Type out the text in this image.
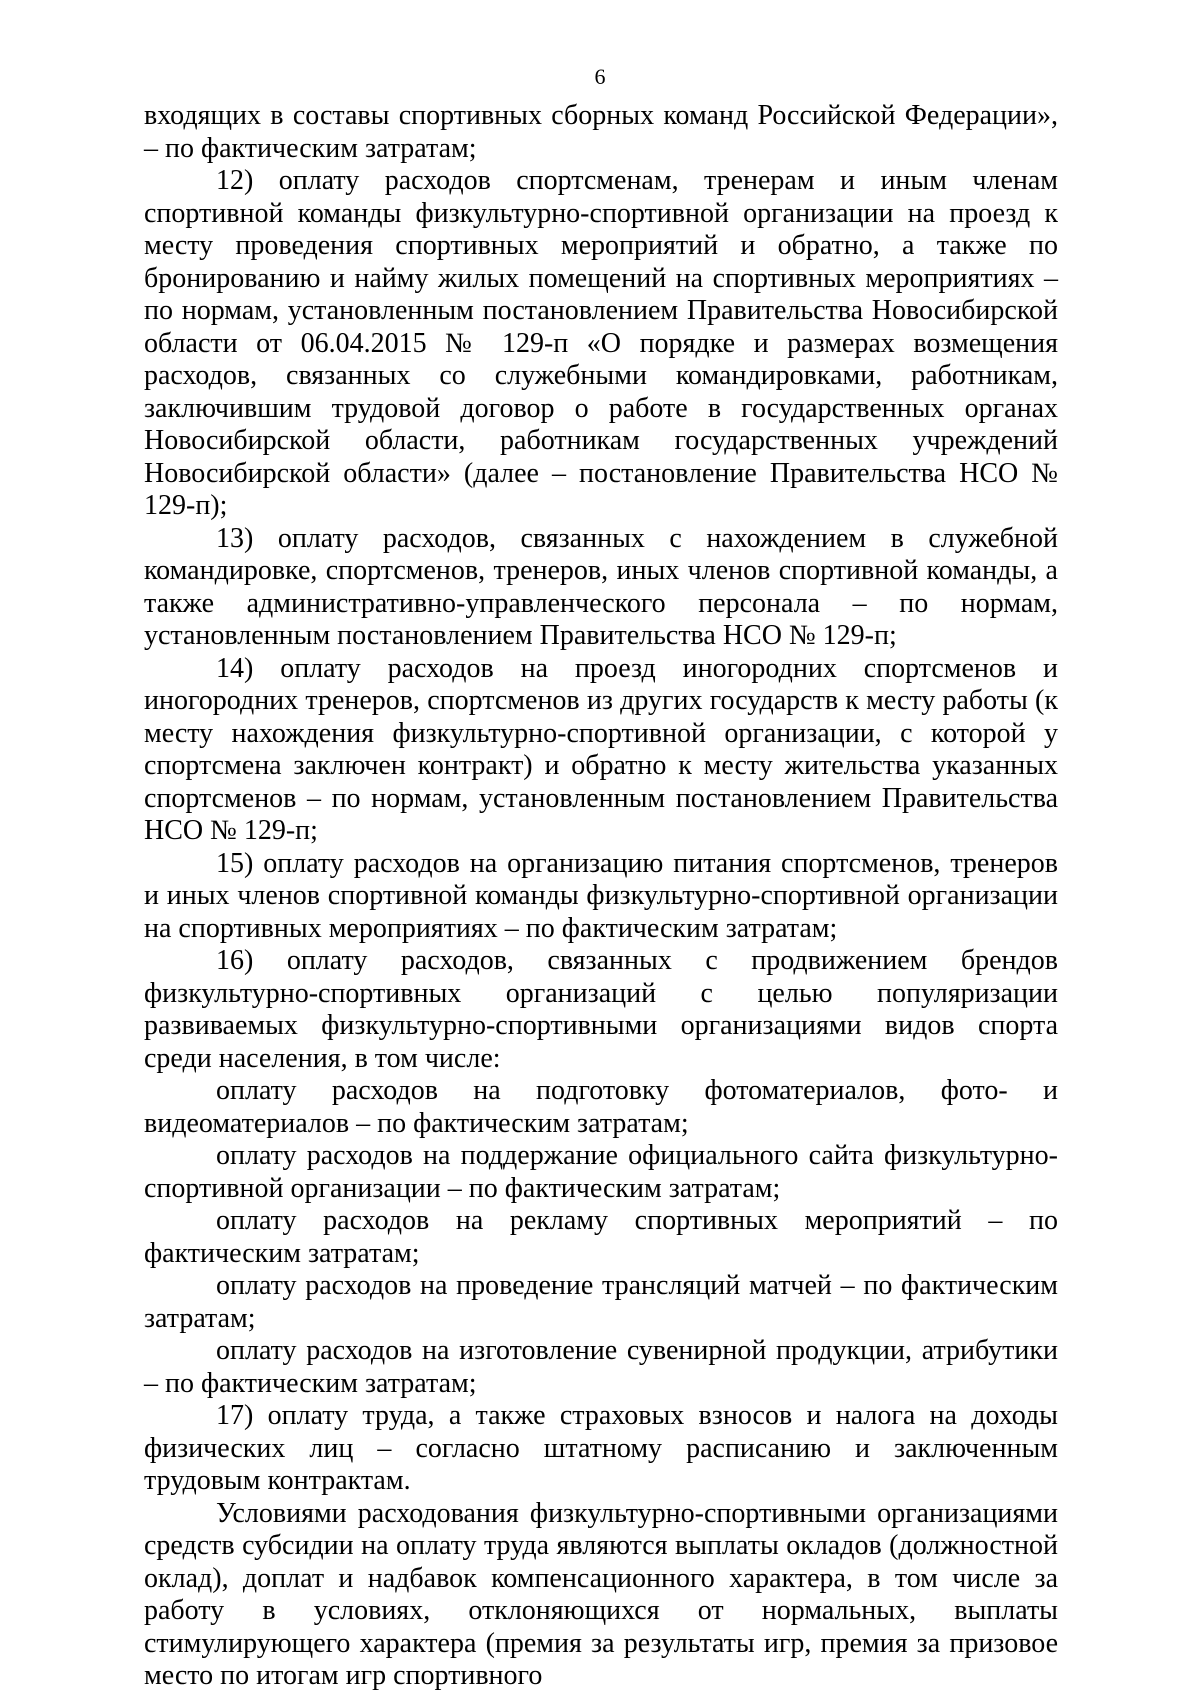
6

входящих в составы спортивных сборных команд Российской Федерации», – по фактическим затратам;

12) оплату расходов спортсменам, тренерам и иным членам спортивной команды физкультурно-спортивной организации на проезд к месту проведения спортивных мероприятий и обратно, а также по бронированию и найму жилых помещений на спортивных мероприятиях – по нормам, установленным постановлением Правительства Новосибирской области от 06.04.2015 № 129-п «О порядке и размерах возмещения расходов, связанных со служебными командировками, работникам, заключившим трудовой договор о работе в государственных органах Новосибирской области, работникам государственных учреждений Новосибирской области» (далее – постановление Правительства НСО № 129-п);

13) оплату расходов, связанных с нахождением в служебной командировке, спортсменов, тренеров, иных членов спортивной команды, а также административно-управленческого персонала – по нормам, установленным постановлением Правительства НСО № 129-п;

14) оплату расходов на проезд иногородних спортсменов и иногородних тренеров, спортсменов из других государств к месту работы (к месту нахождения физкультурно-спортивной организации, с которой у спортсмена заключен контракт) и обратно к месту жительства указанных спортсменов – по нормам, установленным постановлением Правительства НСО № 129-п;

15) оплату расходов на организацию питания спортсменов, тренеров и иных членов спортивной команды физкультурно-спортивной организации на спортивных мероприятиях – по фактическим затратам;

16) оплату расходов, связанных с продвижением брендов физкультурно-спортивных организаций с целью популяризации развиваемых физкультурно-спортивными организациями видов спорта среди населения, в том числе:

оплату расходов на подготовку фотоматериалов, фото- и видеоматериалов – по фактическим затратам;

оплату расходов на поддержание официального сайта физкультурно-спортивной организации – по фактическим затратам;

оплату расходов на рекламу спортивных мероприятий – по фактическим затратам;

оплату расходов на проведение трансляций матчей – по фактическим затратам;

оплату расходов на изготовление сувенирной продукции, атрибутики – по фактическим затратам;

17) оплату труда, а также страховых взносов и налога на доходы физических лиц – согласно штатному расписанию и заключенным трудовым контрактам.

Условиями расходования физкультурно-спортивными организациями средств субсидии на оплату труда являются выплаты окладов (должностной оклад), доплат и надбавок компенсационного характера, в том числе за работу в условиях, отклоняющихся от нормальных, выплаты стимулирующего характера (премия за результаты игр, премия за призовое место по итогам игр спортивного
